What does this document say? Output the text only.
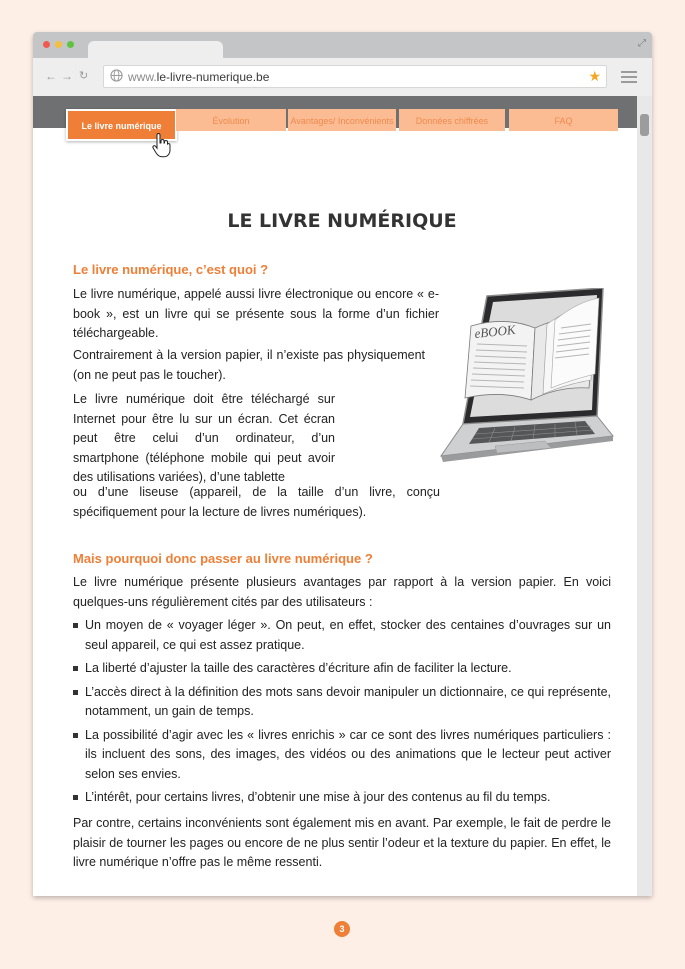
⤢
← → ↻	www.le-livre-numerique.be	★
Le livre numérique	Évolution	Avantages/ Inconvénients	Données chiffrées	FAQ
LE LIVRE NUMÉRIQUE
Le livre numérique, c’est quoi ?
Le livre numérique, appelé aussi livre électronique ou encore « e-book », est un livre qui se présente sous la forme d’un fichier téléchargeable.
Contrairement à la version papier, il n’existe pas physiquement (on ne peut pas le toucher).
Le livre numérique doit être téléchargé sur Internet pour être lu sur un écran. Cet écran peut être celui d’un ordinateur, d’un smartphone (téléphone mobile qui peut avoir des utilisations variées), d’une tablette
ou d’une liseuse (appareil, de la taille d’un livre, conçu spécifiquement pour la lecture de livres numériques).
eBOOK
Mais pourquoi donc passer au livre numérique ?
Le livre numérique présente plusieurs avantages par rapport à la version papier. En voici quelques-uns régulièrement cités par des utilisateurs :
Un moyen de « voyager léger ». On peut, en effet, stocker des centaines d’ouvrages sur un seul appareil, ce qui est assez pratique.
La liberté d’ajuster la taille des caractères d’écriture afin de faciliter la lecture.
L’accès direct à la définition des mots sans devoir manipuler un dictionnaire, ce qui représente, notamment, un gain de temps.
La possibilité d’agir avec les « livres enrichis » car ce sont des livres numériques particuliers : ils incluent des sons, des images, des vidéos ou des animations que le lecteur peut activer selon ses envies.
L’intérêt, pour certains livres, d’obtenir une mise à jour des contenus au fil du temps.
Par contre, certains inconvénients sont également mis en avant. Par exemple, le fait de perdre le plaisir de tourner les pages ou encore de ne plus sentir l’odeur et la texture du papier. En effet, le livre numérique n’offre pas le même ressenti.
3
